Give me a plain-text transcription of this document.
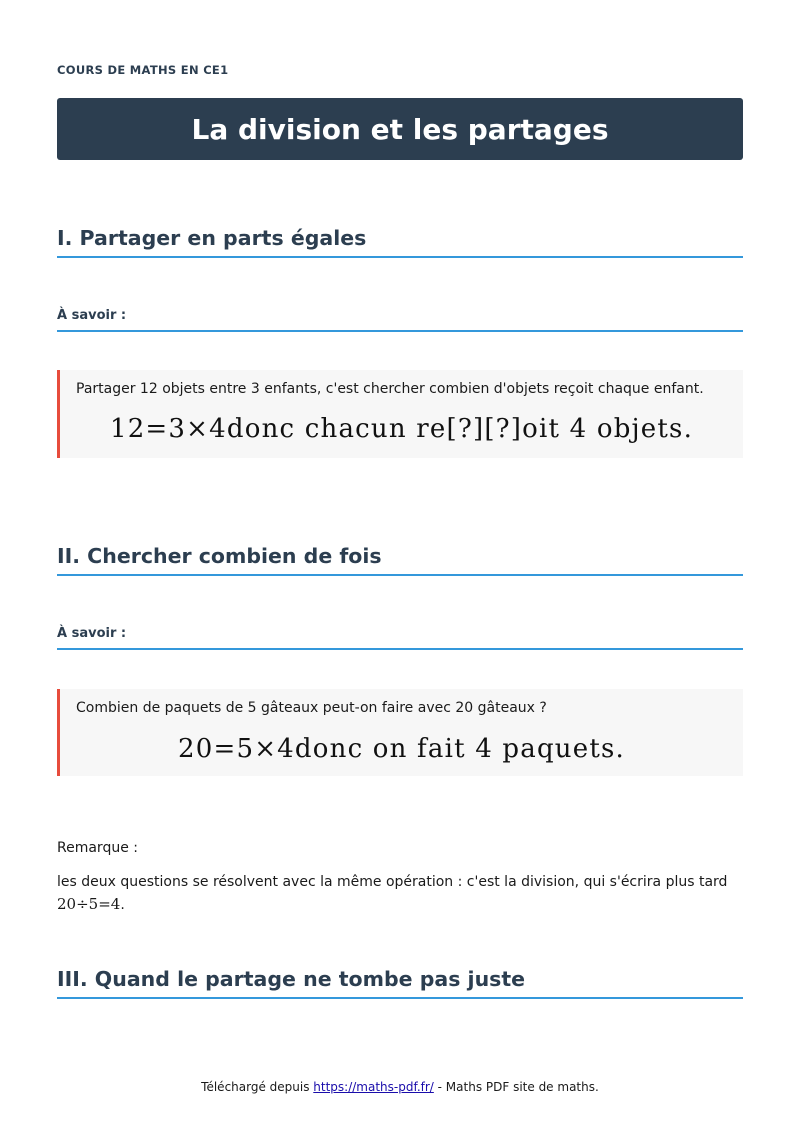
COURS DE MATHS EN CE1
La division et les partages
I. Partager en parts égales
À savoir :
Partager 12 objets entre 3 enfants, c'est chercher combien d'objets reçoit chaque enfant.
12=3×4donc chacun re[?][?]oit 4 objets.
II. Chercher combien de fois
À savoir :
Combien de paquets de 5 gâteaux peut-on faire avec 20 gâteaux ?
20=5×4donc on fait 4 paquets.
Remarque :
les deux questions se résolvent avec la même opération : c'est la division, qui s'écrira plus tard
20÷5=4.
III. Quand le partage ne tombe pas juste
Téléchargé depuis https://maths-pdf.fr/ - Maths PDF site de maths.
